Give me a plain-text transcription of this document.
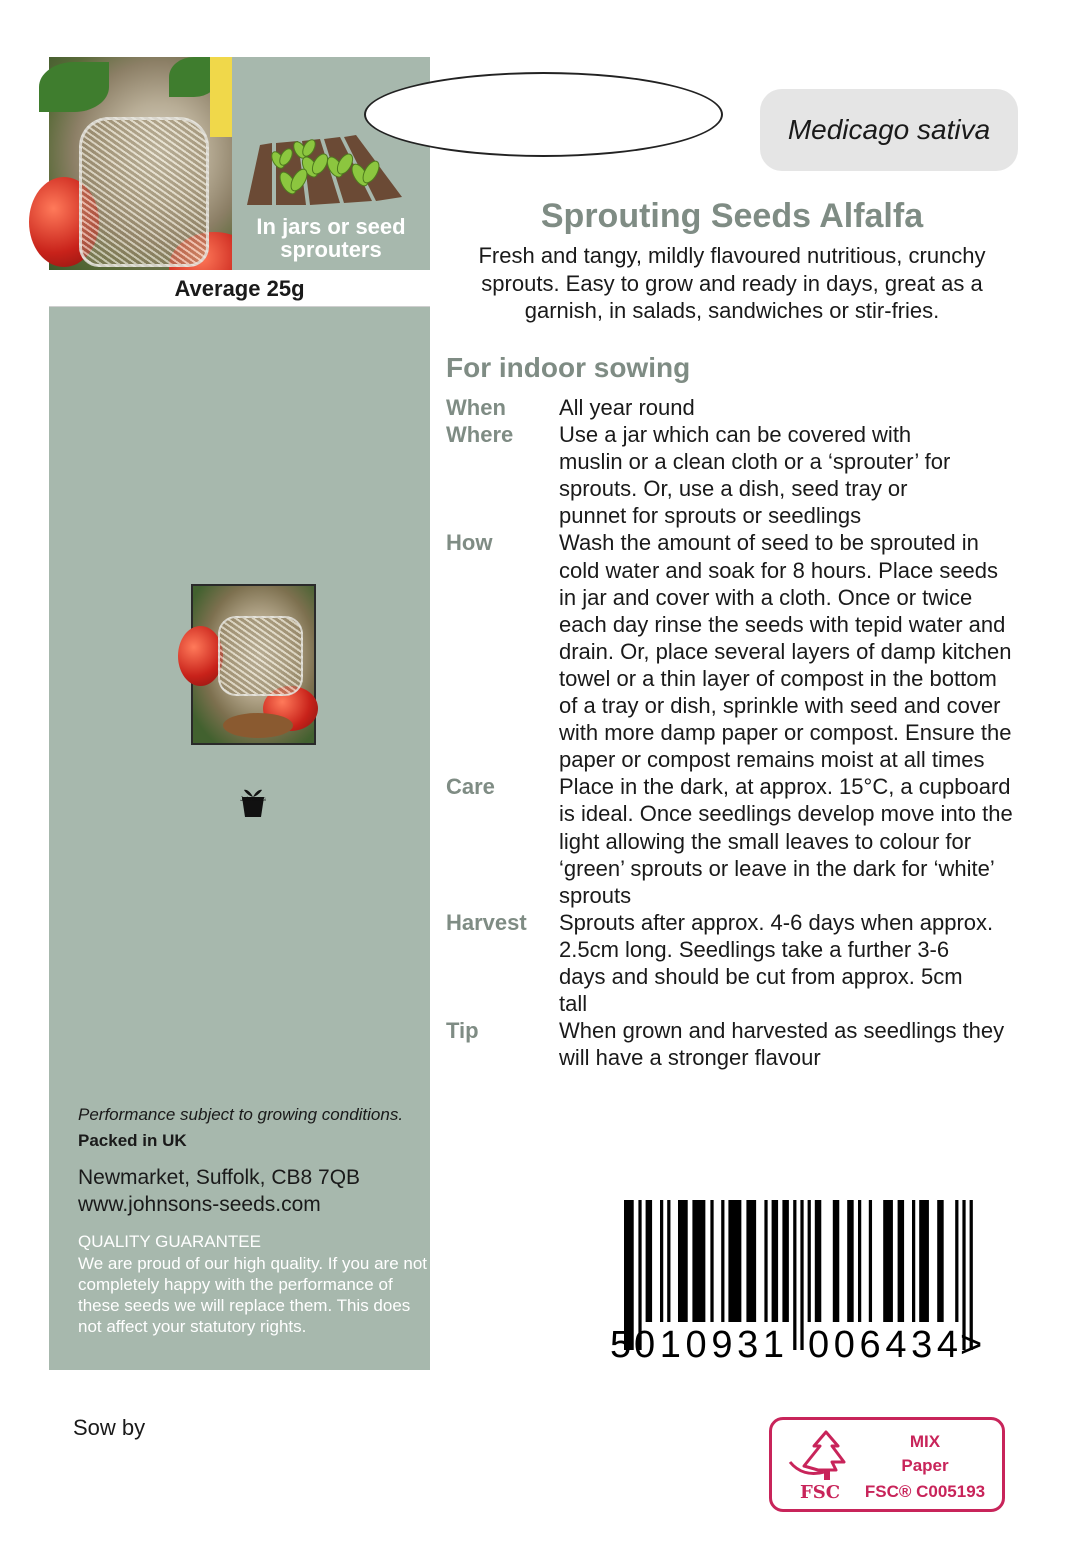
In jars or seed sprouters
Average 25g
Johnsons
Performance subject to growing conditions.
Packed in UK
Newmarket, Suffolk, CB8 7QB
www.johnsons-seeds.com
QUALITY GUARANTEE
We are proud of our high quality. If you are not completely happy with the performance of these seeds we will replace them. This does not affect your statutory rights.
Sow by
Medicago sativa
Sprouting Seeds Alfalfa
Fresh and tangy, mildly flavoured nutritious, crunchy sprouts. Easy to grow and ready in days, great as a garnish, in salads, sandwiches or stir-fries.
For indoor sowing
When	All year round
Where	Use a jar which can be covered with muslin or a clean cloth or a ‘sprouter’ for sprouts. Or, use a dish, seed tray or punnet for sprouts or seedlings
How	Wash the amount of seed to be sprouted in cold water and soak for 8 hours. Place seeds in jar and cover with a cloth. Once or twice each day rinse the seeds with tepid water and drain. Or, place several layers of damp kitchen towel or a thin layer of compost in the bottom of a tray or dish, sprinkle with seed and cover with more damp paper or compost. Ensure the paper or compost remains moist at all times
Care	Place in the dark, at approx. 15°C, a cupboard is ideal. Once seedlings develop move into the light allowing the small leaves to colour for ‘green’ sprouts or leave in the dark for ‘white’ sprouts
Harvest	Sprouts after approx. 4-6 days when approx. 2.5cm long. Seedlings take a further 3-6 days and should be cut from approx. 5cm tall
Tip	When grown and harvested as seedlings they will have a stronger flavour
5 010931 006434 >
MIX
Paper
FSC	FSC® C005193
